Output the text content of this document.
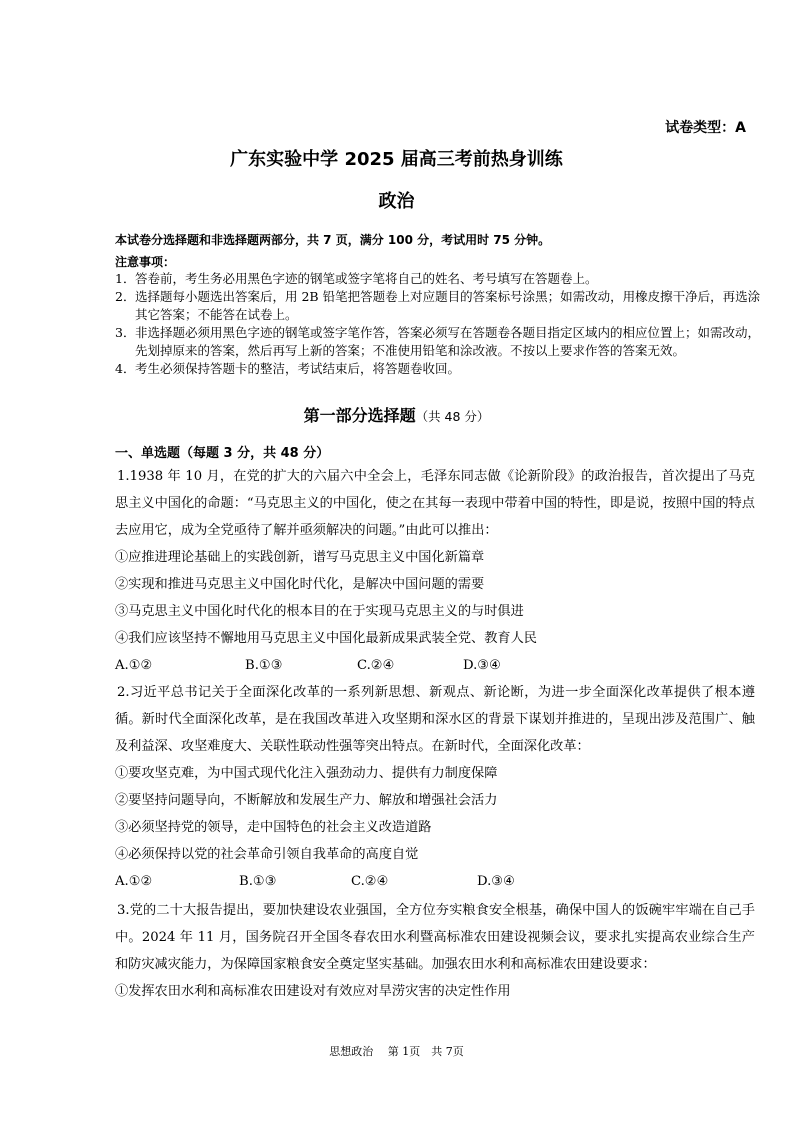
试卷类型：A
广东实验中学 2025 届高三考前热身训练
政治
本试卷分选择题和非选择题两部分，共 7 页，满分 100 分，考试用时 75 分钟。
注意事项：
1． 答卷前，考生务必用黑色字迹的钢笔或签字笔将自己的姓名、考号填写在答题卷上。
2． 选择题每小题选出答案后，用 2B 铅笔把答题卷上对应题目的答案标号涂黑；如需改动，用橡皮擦干净后，再选涂其它答案；不能答在试卷上。
3． 非选择题必须用黑色字迹的钢笔或签字笔作答，答案必须写在答题卷各题目指定区域内的相应位置上；如需改动，先划掉原来的答案，然后再写上新的答案；不准使用铅笔和涂改液。不按以上要求作答的答案无效。
4． 考生必须保持答题卡的整洁，考试结束后，将答题卷收回。
第一部分选择题（共 48 分）
一、单选题（每题 3 分，共 48 分）
1.1938 年 10 月，在党的扩大的六届六中全会上，毛泽东同志做《论新阶段》的政治报告，首次提出了马克思主义中国化的命题：“马克思主义的中国化，使之在其每一表现中带着中国的特性，即是说，按照中国的特点去应用它，成为全党亟待了解并亟须解决的问题。”由此可以推出：
①应推进理论基础上的实践创新，谱写马克思主义中国化新篇章
②实现和推进马克思主义中国化时代化，是解决中国问题的需要
③马克思主义中国化时代化的根本目的在于实现马克思主义的与时俱进
④我们应该坚持不懈地用马克思主义中国化最新成果武装全党、教育人民
A.①②	B.①③	C.②④	D.③④
2.习近平总书记关于全面深化改革的一系列新思想、新观点、新论断，为进一步全面深化改革提供了根本遵循。新时代全面深化改革，是在我国改革进入攻坚期和深水区的背景下谋划并推进的，呈现出涉及范围广、触及利益深、攻坚难度大、关联性联动性强等突出特点。在新时代，全面深化改革：
①要攻坚克难，为中国式现代化注入强劲动力、提供有力制度保障
②要坚持问题导向，不断解放和发展生产力、解放和增强社会活力
③必须坚持党的领导，走中国特色的社会主义改造道路
④必须保持以党的社会革命引领自我革命的高度自觉
A.①②	B.①③	C.②④	D.③④
3.党的二十大报告提出，要加快建设农业强国，全方位夯实粮食安全根基，确保中国人的饭碗牢牢端在自己手中。2024 年 11 月，国务院召开全国冬春农田水利暨高标准农田建设视频会议，要求扎实提高农业综合生产和防灾减灾能力，为保障国家粮食安全奠定坚实基础。加强农田水利和高标准农田建设要求：
①发挥农田水利和高标准农田建设对有效应对旱涝灾害的决定性作用
思想政治　 第 1页　共 7页
